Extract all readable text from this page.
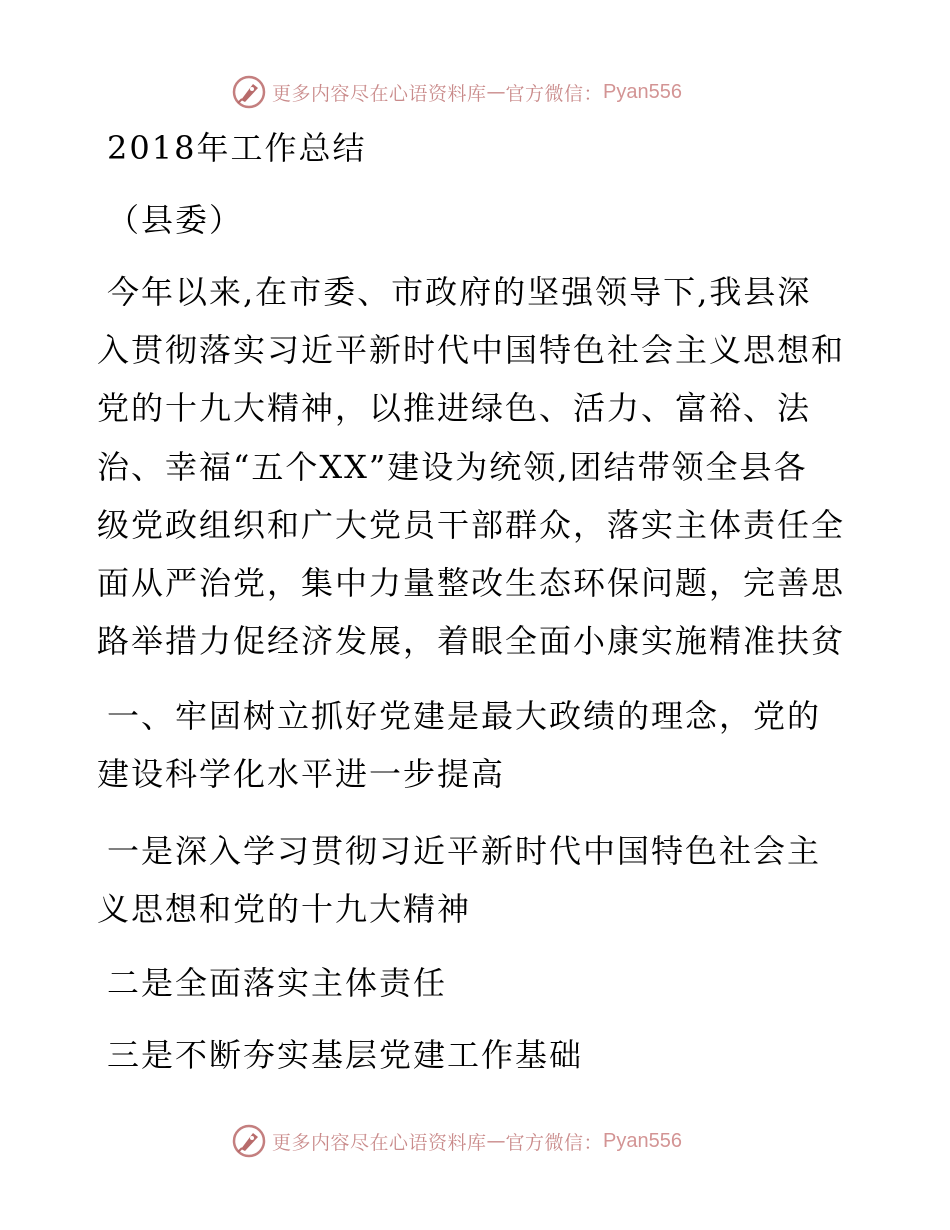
更多内容尽在心语资料库 — 官方微信： Pyan556
2018年工作总结
（县委）
今年以来,在市委、市政府的坚强领导下,我县深
入贯彻落实习近平新时代中国特色社会主义思想和
党的十九大精神，以推进绿色、活力、富裕、法
治、幸福“五个XX”建设为统领,团结带领全县各
级党政组织和广大党员干部群众，落实主体责任全
面从严治党，集中力量整改生态环保问题，完善思
路举措力促经济发展，着眼全面小康实施精准扶贫
一、牢固树立抓好党建是最大政绩的理念，党的
建设科学化水平进一步提高
一是深入学习贯彻习近平新时代中国特色社会主
义思想和党的十九大精神
二是全面落实主体责任
三是不断夯实基层党建工作基础
更多内容尽在心语资料库 — 官方微信： Pyan556
